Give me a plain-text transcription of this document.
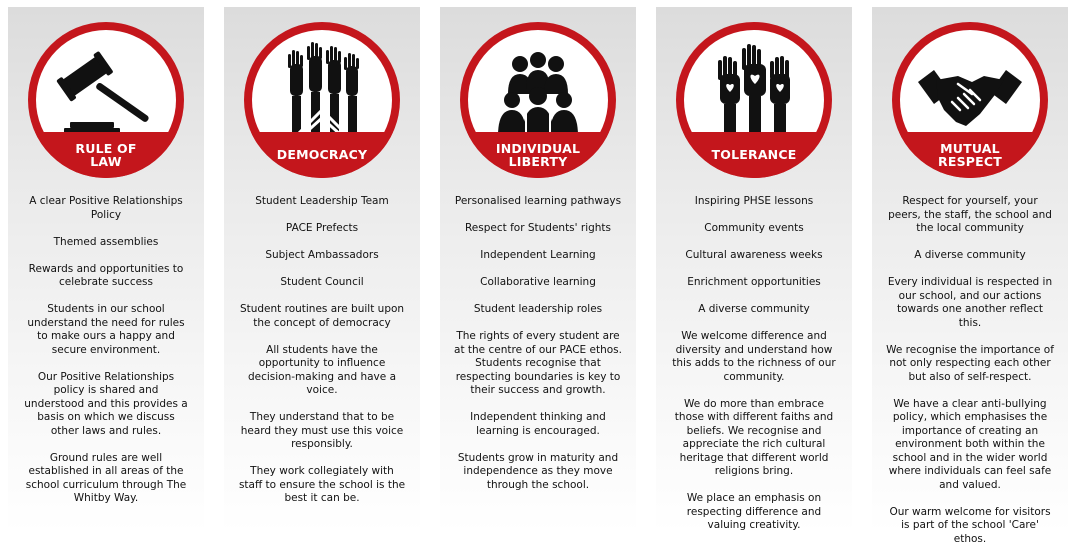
RULE OF
LAW
A clear Positive Relationships Policy
Themed assemblies
Rewards and opportunities to celebrate success
Students in our school understand the need for rules to make ours a happy and secure environment.
Our Positive Relationships policy is shared and understood and this provides a basis on which we discuss other laws and rules.
Ground rules are well established in all areas of the school curriculum through The Whitby Way.
DEMOCRACY
Student Leadership Team
PACE Prefects
Subject Ambassadors
Student Council
Student routines are built upon the concept of democracy
All students have the opportunity to influence decision-making and have a voice.
They understand that to be heard they must use this voice responsibly.
They work collegiately with staff to ensure the school is the best it can be.
INDIVIDUAL
LIBERTY
Personalised learning pathways
Respect for Students' rights
Independent Learning
Collaborative learning
Student leadership roles
The rights of every student are at the centre of our PACE ethos. Students recognise that respecting boundaries is key to their success and growth.
Independent thinking and learning is encouraged.
Students grow in maturity and independence as they move through the school.
TOLERANCE
Inspiring PHSE lessons
Community events
Cultural awareness weeks
Enrichment opportunities
A diverse community
We welcome difference and diversity and understand how this adds to the richness of our community.
We do more than embrace those with different faiths and beliefs. We recognise and appreciate the rich cultural heritage that different world religions bring.
We place an emphasis on respecting difference and valuing creativity.
MUTUAL
RESPECT
Respect for yourself, your peers, the staff, the school and the local community
A diverse community
Every individual is respected in our school, and our actions towards one another reflect this.
We recognise the importance of not only respecting each other but also of self-respect.
We have a clear anti-bullying policy, which emphasises the importance of creating an environment both within the school and in the wider world where individuals can feel safe and valued.
Our warm welcome for visitors is part of the school 'Care' ethos.
